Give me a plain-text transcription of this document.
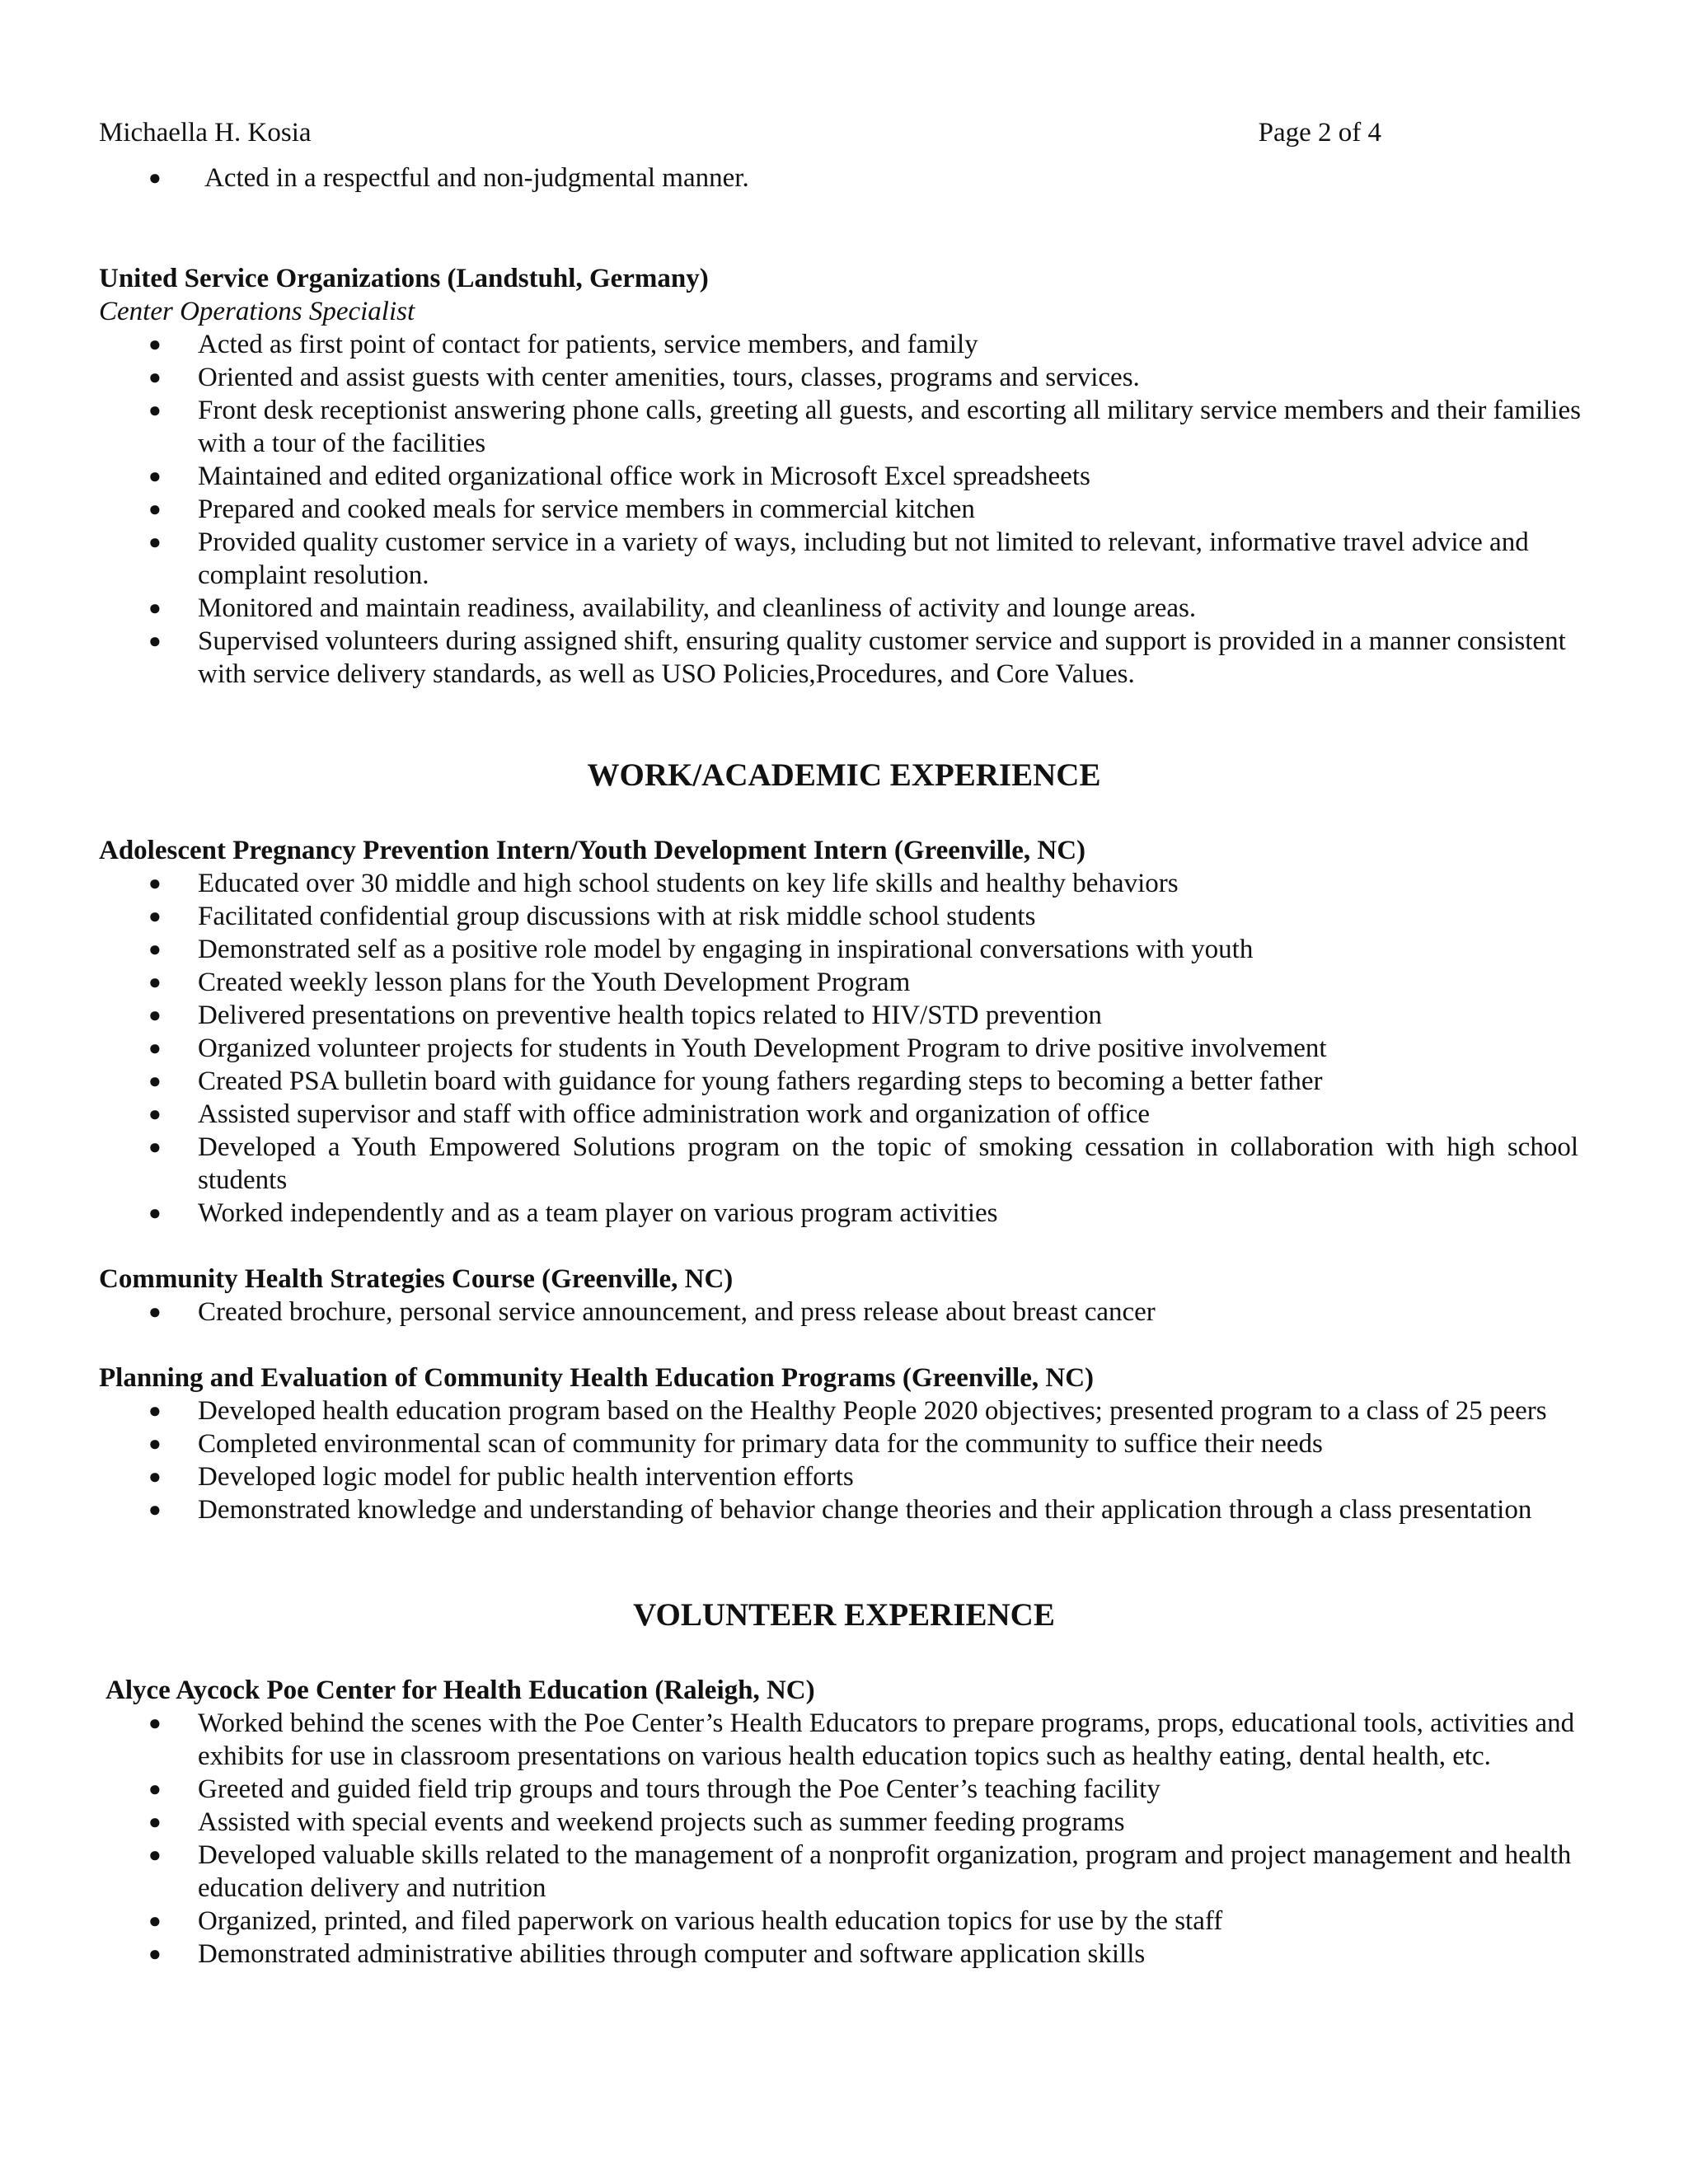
Michaella H. Kosia	Page 2 of 4
● Acted in a respectful and non-judgmental manner.

United Service Organizations (Landstuhl, Germany)

Center Operations Specialist

● Acted as first point of contact for patients, service members, and family
● Oriented and assist guests with center amenities, tours, classes, programs and services.
● Front desk receptionist answering phone calls, greeting all guests, and escorting all military service members and their families with a tour of the facilities
● Maintained and edited organizational office work in Microsoft Excel spreadsheets
● Prepared and cooked meals for service members in commercial kitchen
● Provided quality customer service in a variety of ways, including but not limited to relevant, informative travel advice and complaint resolution.
● Monitored and maintain readiness, availability, and cleanliness of activity and lounge areas.
● Supervised volunteers during assigned shift, ensuring quality customer service and support is provided in a manner consistent with service delivery standards, as well as USO Policies,Procedures, and Core Values.
WORK/ACADEMIC EXPERIENCE

Adolescent Pregnancy Prevention Intern/Youth Development Intern (Greenville, NC)

● Educated over 30 middle and high school students on key life skills and healthy behaviors
● Facilitated confidential group discussions with at risk middle school students
● Demonstrated self as a positive role model by engaging in inspirational conversations with youth
● Created weekly lesson plans for the Youth Development Program
● Delivered presentations on preventive health topics related to HIV/STD prevention
● Organized volunteer projects for students in Youth Development Program to drive positive involvement
● Created PSA bulletin board with guidance for young fathers regarding steps to becoming a better father
● Assisted supervisor and staff with office administration work and organization of office
● Developed a Youth Empowered Solutions program on the topic of smoking cessation in collaboration with high school students
● Worked independently and as a team player on various program activities

Community Health Strategies Course (Greenville, NC)

● Created brochure, personal service announcement, and press release about breast cancer

Planning and Evaluation of Community Health Education Programs (Greenville, NC)

● Developed health education program based on the Healthy People 2020 objectives; presented program to a class of 25 peers
● Completed environmental scan of community for primary data for the community to suffice their needs
● Developed logic model for public health intervention efforts
● Demonstrated knowledge and understanding of behavior change theories and their application through a class presentation
VOLUNTEER EXPERIENCE

Alyce Aycock Poe Center for Health Education (Raleigh, NC)

● Worked behind the scenes with the Poe Center’s Health Educators to prepare programs, props, educational tools, activities and exhibits for use in classroom presentations on various health education topics such as healthy eating, dental health, etc.
● Greeted and guided field trip groups and tours through the Poe Center’s teaching facility
● Assisted with special events and weekend projects such as summer feeding programs
● Developed valuable skills related to the management of a nonprofit organization, program and project management and health education delivery and nutrition
● Organized, printed, and filed paperwork on various health education topics for use by the staff
● Demonstrated administrative abilities through computer and software application skills
